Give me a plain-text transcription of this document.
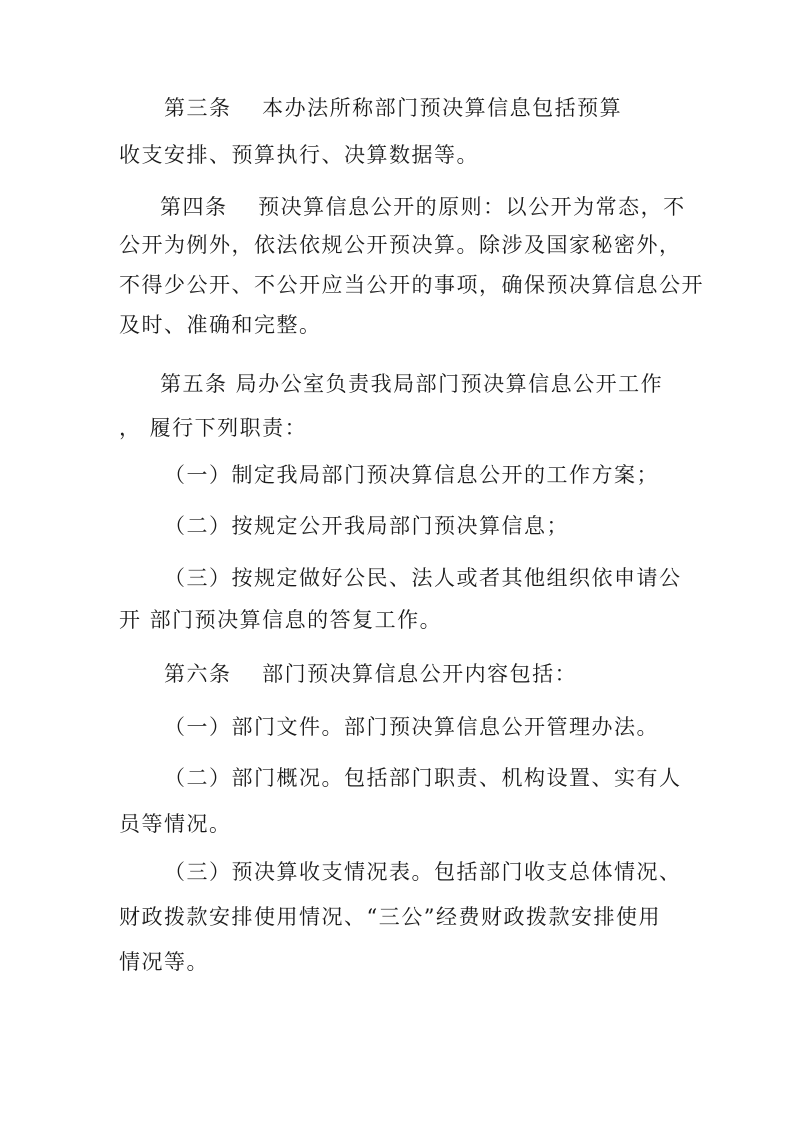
第三条　 本办法所称部门预决算信息包括预算

收支安排、预算执行、决算数据等。

第四条　 预决算信息公开的原则：以公开为常态，不

公开为例外，依法依规公开预决算。除涉及国家秘密外，

不得少公开、不公开应当公开的事项，确保预决算信息公开

及时、准确和完整。

第五条 局办公室负责我局部门预决算信息公开工作

， 履行下列职责：

（一）制定我局部门预决算信息公开的工作方案；

（二）按规定公开我局部门预决算信息；

（三）按规定做好公民、法人或者其他组织依申请公

开 部门预决算信息的答复工作。

第六条　 部门预决算信息公开内容包括：

（一）部门文件。部门预决算信息公开管理办法。

（二）部门概况。包括部门职责、机构设置、实有人

员等情况。

（三）预决算收支情况表。包括部门收支总体情况、

财政拨款安排使用情况、“三公”经费财政拨款安排使用

情况等。
